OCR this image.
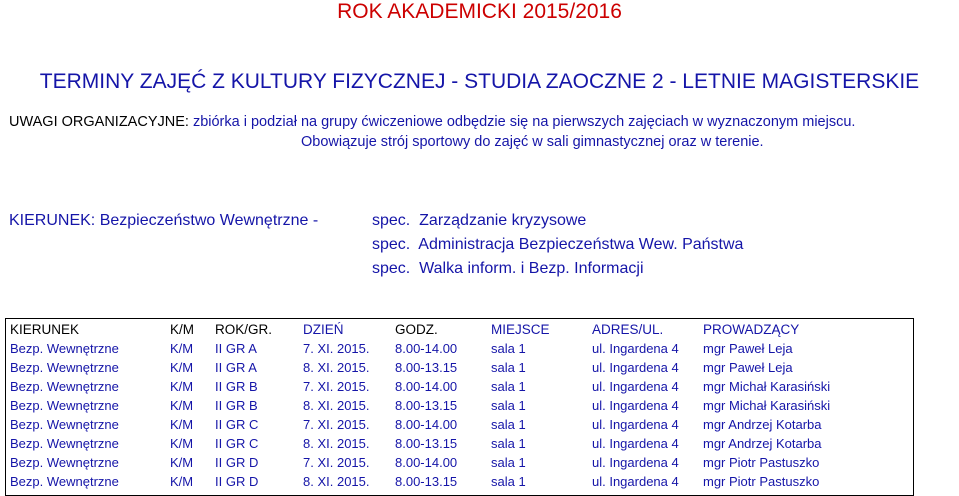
ROK AKADEMICKI 2015/2016
TERMINY ZAJĘĆ Z KULTURY FIZYCZNEJ - STUDIA ZAOCZNE 2 - LETNIE MAGISTERSKIE
UWAGI ORGANIZACYJNE: zbiórka i podział na grupy ćwiczeniowe odbędzie się na pierwszych zajęciach w wyznaczonym miejscu.
Obowiązuje strój sportowy do zajęć w sali gimnastycznej oraz w terenie.
KIERUNEK: Bezpieczeństwo Wewnętrzne -	spec. Zarządzanie kryzysowe
spec. Administracja Bezpieczeństwa Wew. Państwa
spec. Walka inform. i Bezp. Informacji
KIERUNEK	K/M ROK/GR. DZIEŃ	GODZ.	MIEJSCE	ADRES/UL.	PROWADZĄCY
Bezp. Wewnętrzne	K/M II GR A	7. XI. 2015. 8.00-14.00	sala 1	ul. Ingardena 4 mgr Paweł Leja
Bezp. Wewnętrzne	K/M II GR A	8. XI. 2015. 8.00-13.15	sala 1	ul. Ingardena 4 mgr Paweł Leja
Bezp. Wewnętrzne	K/M II GR B	7. XI. 2015. 8.00-14.00	sala 1	ul. Ingardena 4 mgr Michał Karasiński
Bezp. Wewnętrzne	K/M II GR B	8. XI. 2015. 8.00-13.15	sala 1	ul. Ingardena 4 mgr Michał Karasiński
Bezp. Wewnętrzne	K/M II GR C	7. XI. 2015. 8.00-14.00	sala 1	ul. Ingardena 4 mgr Andrzej Kotarba
Bezp. Wewnętrzne	K/M II GR C	8. XI. 2015. 8.00-13.15	sala 1	ul. Ingardena 4 mgr Andrzej Kotarba
Bezp. Wewnętrzne	K/M II GR D	7. XI. 2015. 8.00-14.00	sala 1	ul. Ingardena 4 mgr Piotr Pastuszko
Bezp. Wewnętrzne	K/M II GR D	8. XI. 2015. 8.00-13.15	sala 1	ul. Ingardena 4 mgr Piotr Pastuszko
